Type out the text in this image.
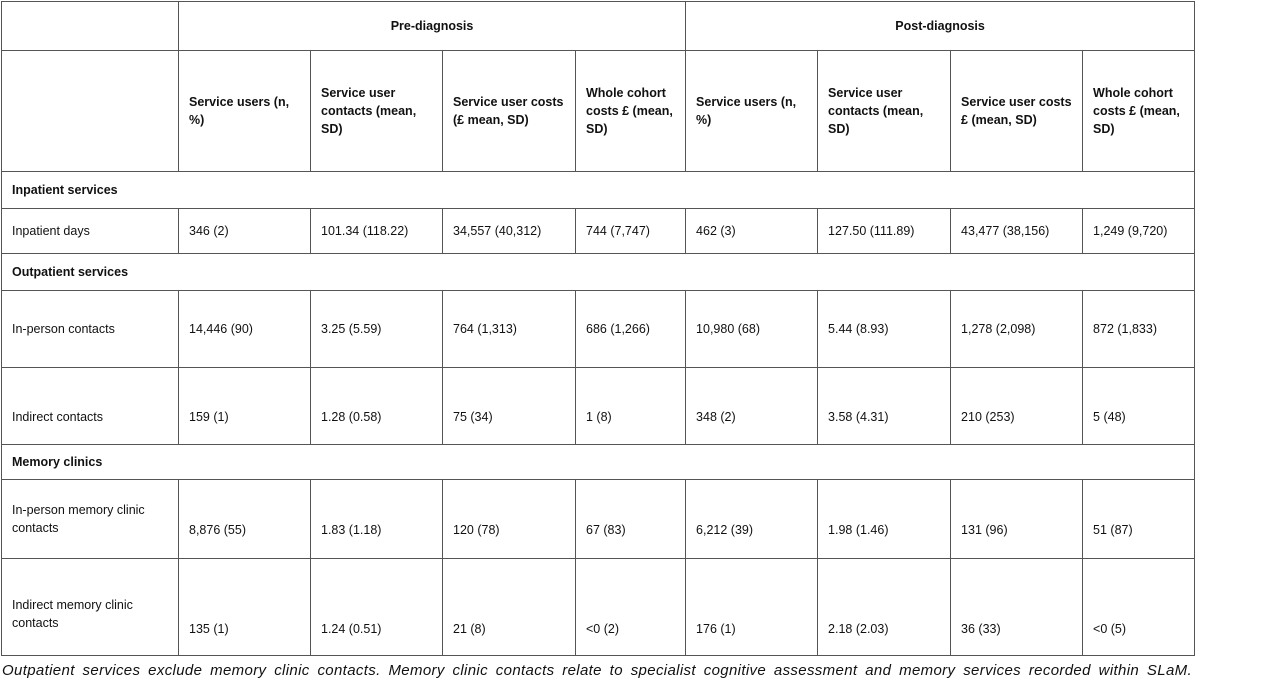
	Pre-diagnosis				Post-diagnosis			
	Service users (n, %)	Service user contacts (mean, SD)	Service user costs (£ mean, SD)	Whole cohort costs £ (mean, SD)	Service users (n, %)	Service user contacts (mean, SD)	Service user costs £ (mean, SD)	Whole cohort costs £ (mean, SD)
Inpatient services								
Inpatient days	346 (2)	101.34 (118.22)	34,557 (40,312)	744 (7,747)	462 (3)	127.50 (111.89)	43,477 (38,156)	1,249 (9,720)
Outpatient services								
In-person contacts	14,446 (90)	3.25 (5.59)	764 (1,313)	686 (1,266)	10,980 (68)	5.44 (8.93)	1,278 (2,098)	872 (1,833)
Indirect contacts	159 (1)	1.28 (0.58)	75 (34)	1 (8)	348 (2)	3.58 (4.31)	210 (253)	5 (48)
Memory clinics								
In-person memory clinic contacts	8,876 (55)	1.83 (1.18)	120 (78)	67 (83)	6,212 (39)	1.98 (1.46)	131 (96)	51 (87)
Indirect memory clinic contacts	135 (1)	1.24 (0.51)	21 (8)	<0 (2)	176 (1)	2.18 (2.03)	36 (33)	<0 (5)
Outpatient services exclude memory clinic contacts. Memory clinic contacts relate to specialist cognitive assessment and memory services recorded within SLaM.
